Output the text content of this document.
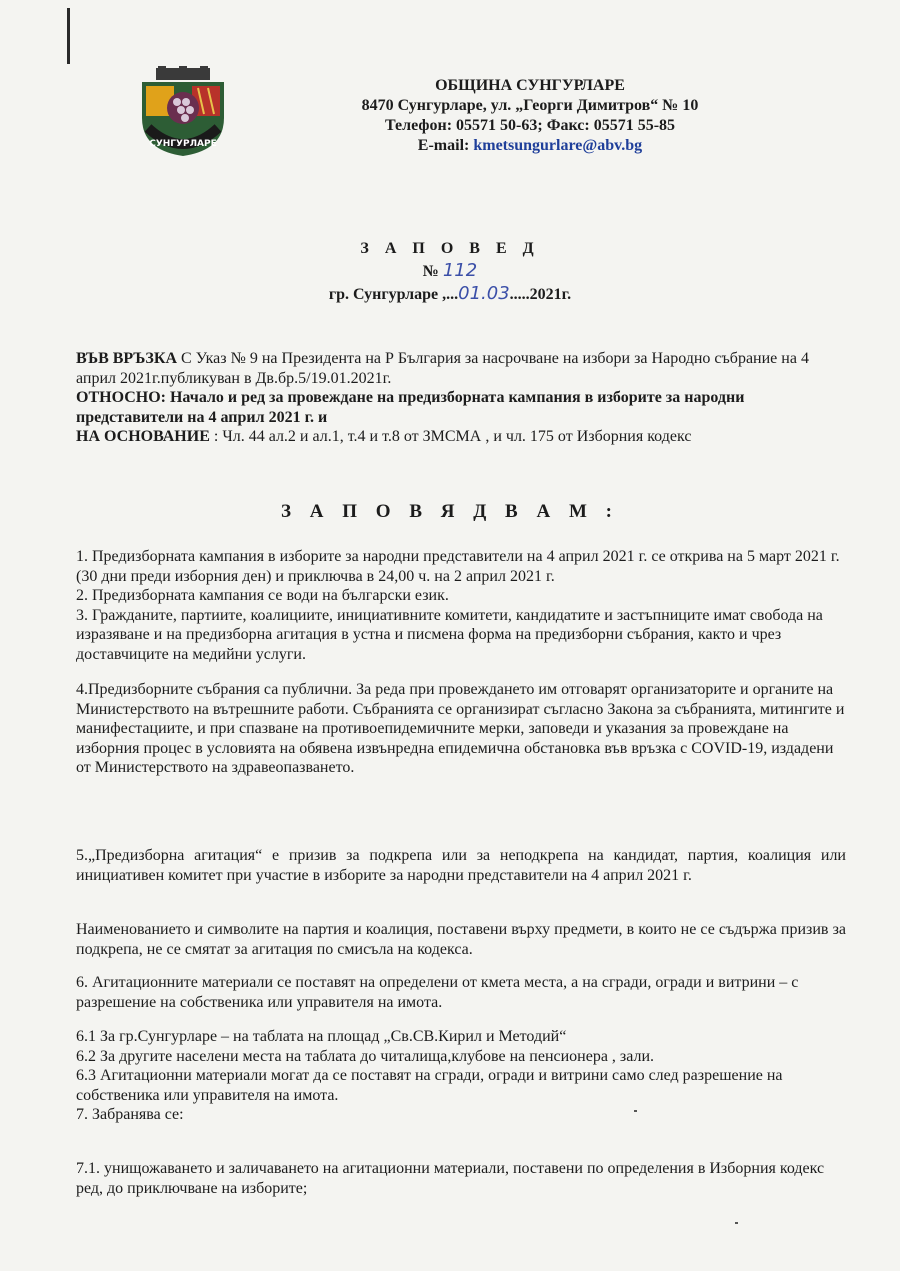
СУНГУРЛАРЕ
ОБЩИНА СУНГУРЛАРЕ
8470 Сунгурларе, ул. „Георги Димитров“ № 10
Телефон: 05571 50-63; Факс: 05571 55-85
E-mail: kmetsungurlare@abv.bg
З А П О В Е Д
№ 112
гр. Сунгурларе ,...01.03.....2021г.

ВЪВ ВРЪЗКА С Указ № 9 на Президента на Р България за насрочване на избори за Народно събрание на 4 април 2021г.публикуван в Дв.бр.5/19.01.2021г.

ОТНОСНО: Начало и ред за провеждане на предизборната кампания в изборите за народни представители на 4 април 2021 г. и

НА ОСНОВАНИЕ : Чл. 44 ал.2 и ал.1, т.4 и т.8 от ЗМСМА , и чл. 175 от Изборния кодекс

З А П О В Я Д В А М :

1. Предизборната кампания в изборите за народни представители на 4 април 2021 г. се открива на 5 март 2021 г. (30 дни преди изборния ден) и приключва в 24,00 ч. на 2 април 2021 г.

2. Предизборната кампания се води на български език.

3. Гражданите, партиите, коалициите, инициативните комитети, кандидатите и застъпниците имат свобода на изразяване и на предизборна агитация в устна и писмена форма на предизборни събрания, както и чрез доставчиците на медийни услуги.

4.Предизборните събрания са публични. За реда при провеждането им отговарят организаторите и органите на Министерството на вътрешните работи. Събранията се организират съгласно Закона за събранията, митингите и манифестациите, и при спазване на противоепидемичните мерки, заповеди и указания за провеждане на изборния процес в условията на обявена извънредна епидемична обстановка във връзка с COVID-19, издадени от Министерството на здравеопазването.
5.„Предизборна агитация“ е призив за подкрепа или за неподкрепа на кандидат, партия, коалиция или инициативен комитет при участие в изборите за народни представители на 4 април 2021 г.
Наименованието и символите на партия и коалиция, поставени върху предмети, в които не се съдържа призив за подкрепа, не се смятат за агитация по смисъла на кодекса.
6. Агитационните материали се поставят на определени от кмета места, а на сгради, огради и витрини – с разрешение на собственика или управителя на имота.

6.1 За гр.Сунгурларе – на таблата на площад „Св.СВ.Кирил и Методий“

6.2 За другите населени места на таблата до читалища,клубове на пенсионера , зали.

6.3 Агитационни материали могат да се поставят на сгради, огради и витрини само след разрешение на собственика или управителя на имота.

7. Забранява се:

7.1. унищожаването и заличаването на агитационни материали, поставени по определения в Изборния кодекс ред, до приключване на изборите;
